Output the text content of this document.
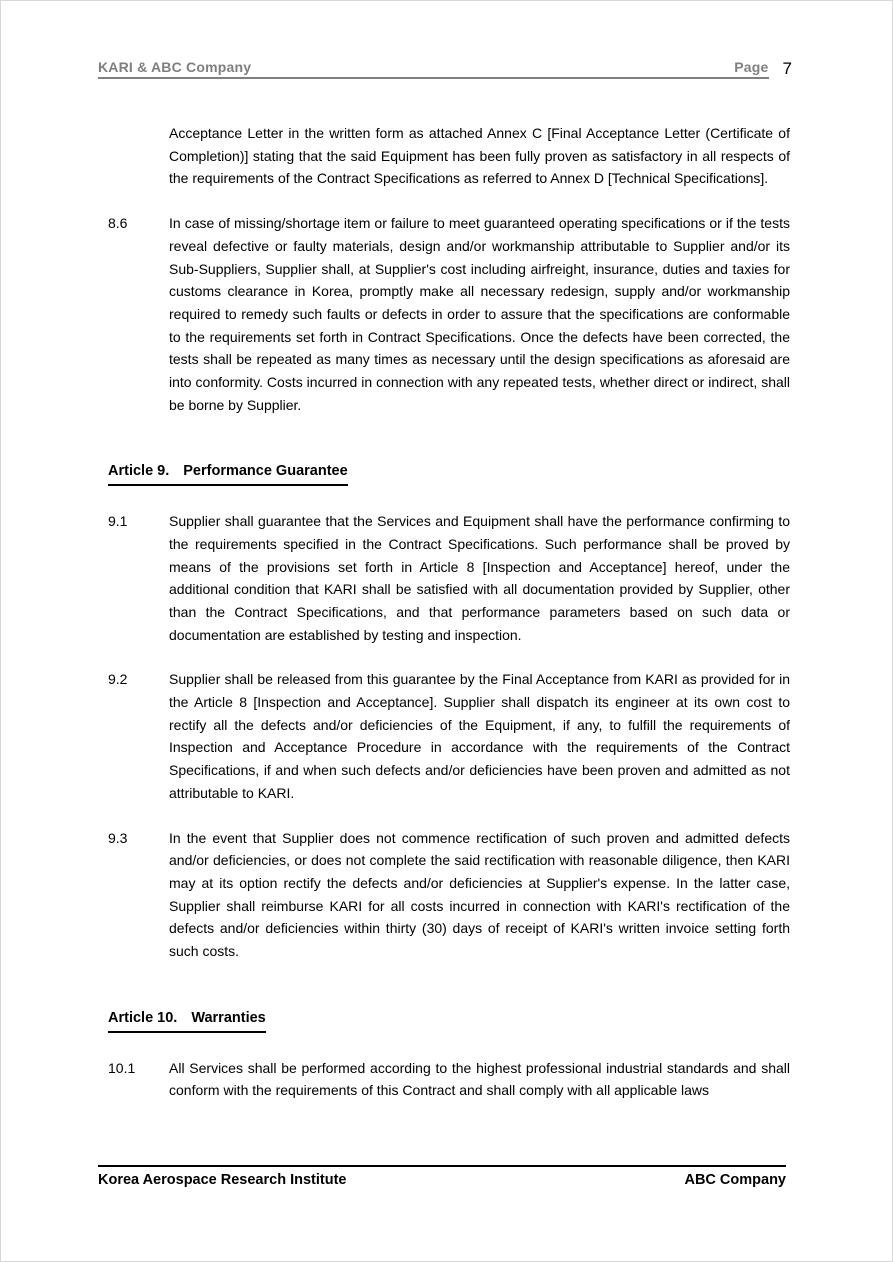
KARI & ABC Company	Page 7
Acceptance Letter in the written form as attached Annex C [Final Acceptance Letter (Certificate of Completion)] stating that the said Equipment has been fully proven as satisfactory in all respects of the requirements of the Contract Specifications as referred to Annex D [Technical Specifications].
8.6	In case of missing/shortage item or failure to meet guaranteed operating specifications or if the tests reveal defective or faulty materials, design and/or workmanship attributable to Supplier and/or its Sub-Suppliers, Supplier shall, at Supplier's cost including airfreight, insurance, duties and taxies for customs clearance in Korea, promptly make all necessary redesign, supply and/or workmanship required to remedy such faults or defects in order to assure that the specifications are conformable to the requirements set forth in Contract Specifications. Once the defects have been corrected, the tests shall be repeated as many times as necessary until the design specifications as aforesaid are into conformity. Costs incurred in connection with any repeated tests, whether direct or indirect, shall be borne by Supplier.
Article 9. Performance Guarantee
9.1	Supplier shall guarantee that the Services and Equipment shall have the performance confirming to the requirements specified in the Contract Specifications. Such performance shall be proved by means of the provisions set forth in Article 8 [Inspection and Acceptance] hereof, under the additional condition that KARI shall be satisfied with all documentation provided by Supplier, other than the Contract Specifications, and that performance parameters based on such data or documentation are established by testing and inspection.
9.2	Supplier shall be released from this guarantee by the Final Acceptance from KARI as provided for in the Article 8 [Inspection and Acceptance]. Supplier shall dispatch its engineer at its own cost to rectify all the defects and/or deficiencies of the Equipment, if any, to fulfill the requirements of Inspection and Acceptance Procedure in accordance with the requirements of the Contract Specifications, if and when such defects and/or deficiencies have been proven and admitted as not attributable to KARI.
9.3	In the event that Supplier does not commence rectification of such proven and admitted defects and/or deficiencies, or does not complete the said rectification with reasonable diligence, then KARI may at its option rectify the defects and/or deficiencies at Supplier's expense. In the latter case, Supplier shall reimburse KARI for all costs incurred in connection with KARI's rectification of the defects and/or deficiencies within thirty (30) days of receipt of KARI's written invoice setting forth such costs.
Article 10. Warranties
10.1	All Services shall be performed according to the highest professional industrial standards and shall conform with the requirements of this Contract and shall comply with all applicable laws
Korea Aerospace Research Institute	ABC Company
